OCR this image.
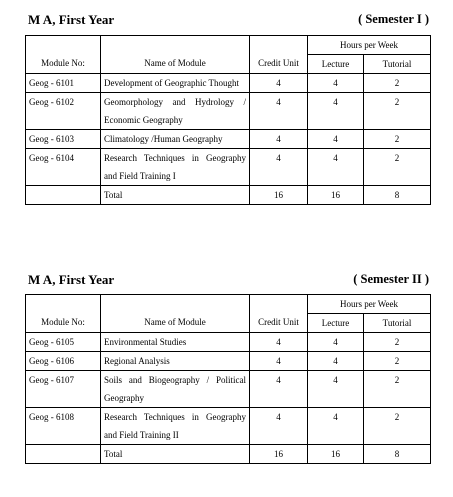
M A, First Year	( Semester I )
Module No:	Name of Module	Credit Unit	Hours per Week	
			Lecture	Tutorial
Geog - 6101	Development of Geographic Thought	4	4	2
Geog - 6102	Geomorphology and Hydrology / Economic Geography	4	4	2
Geog - 6103	Climatology /Human Geography	4	4	2
Geog - 6104	Research Techniques in Geography and Field Training I	4	4	2
	Total	16	16	8
M A, First Year	( Semester II )
Module No:	Name of Module	Credit Unit	Hours per Week	
			Lecture	Tutorial
Geog - 6105	Environmental Studies	4	4	2
Geog - 6106	Regional Analysis	4	4	2
Geog - 6107	Soils and Biogeography / Political Geography	4	4	2
Geog - 6108	Research Techniques in Geography and Field Training II	4	4	2
	Total	16	16	8
